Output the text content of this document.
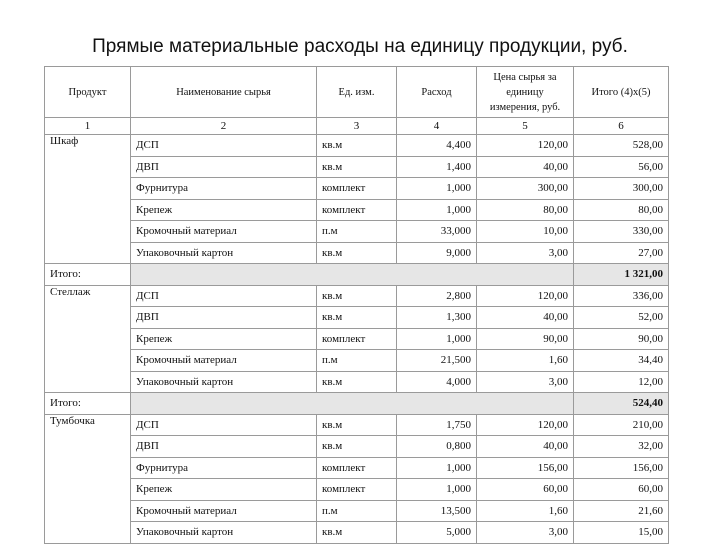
Прямые материальные расходы на единицу продукции, руб.
Продукт	Наименование сырья	Ед. изм.	Расход	Цена сырья за единицу измерения, руб.	Итого (4)x(5)
1	2	3	4	5	6
Шкаф	ДСП	кв.м	4,400	120,00	528,00
	ДВП	кв.м	1,400	40,00	56,00
	Фурнитура	комплект	1,000	300,00	300,00
	Крепеж	комплект	1,000	80,00	80,00
	Кромочный материал	п.м	33,000	10,00	330,00
	Упаковочный картон	кв.м	9,000	3,00	27,00
Итого:					1 321,00
Стеллаж	ДСП	кв.м	2,800	120,00	336,00
	ДВП	кв.м	1,300	40,00	52,00
	Крепеж	комплект	1,000	90,00	90,00
	Кромочный материал	п.м	21,500	1,60	34,40
	Упаковочный картон	кв.м	4,000	3,00	12,00
Итого:					524,40
Тумбочка	ДСП	кв.м	1,750	120,00	210,00
	ДВП	кв.м	0,800	40,00	32,00
	Фурнитура	комплект	1,000	156,00	156,00
	Крепеж	комплект	1,000	60,00	60,00
	Кромочный материал	п.м	13,500	1,60	21,60
	Упаковочный картон	кв.м	5,000	3,00	15,00
